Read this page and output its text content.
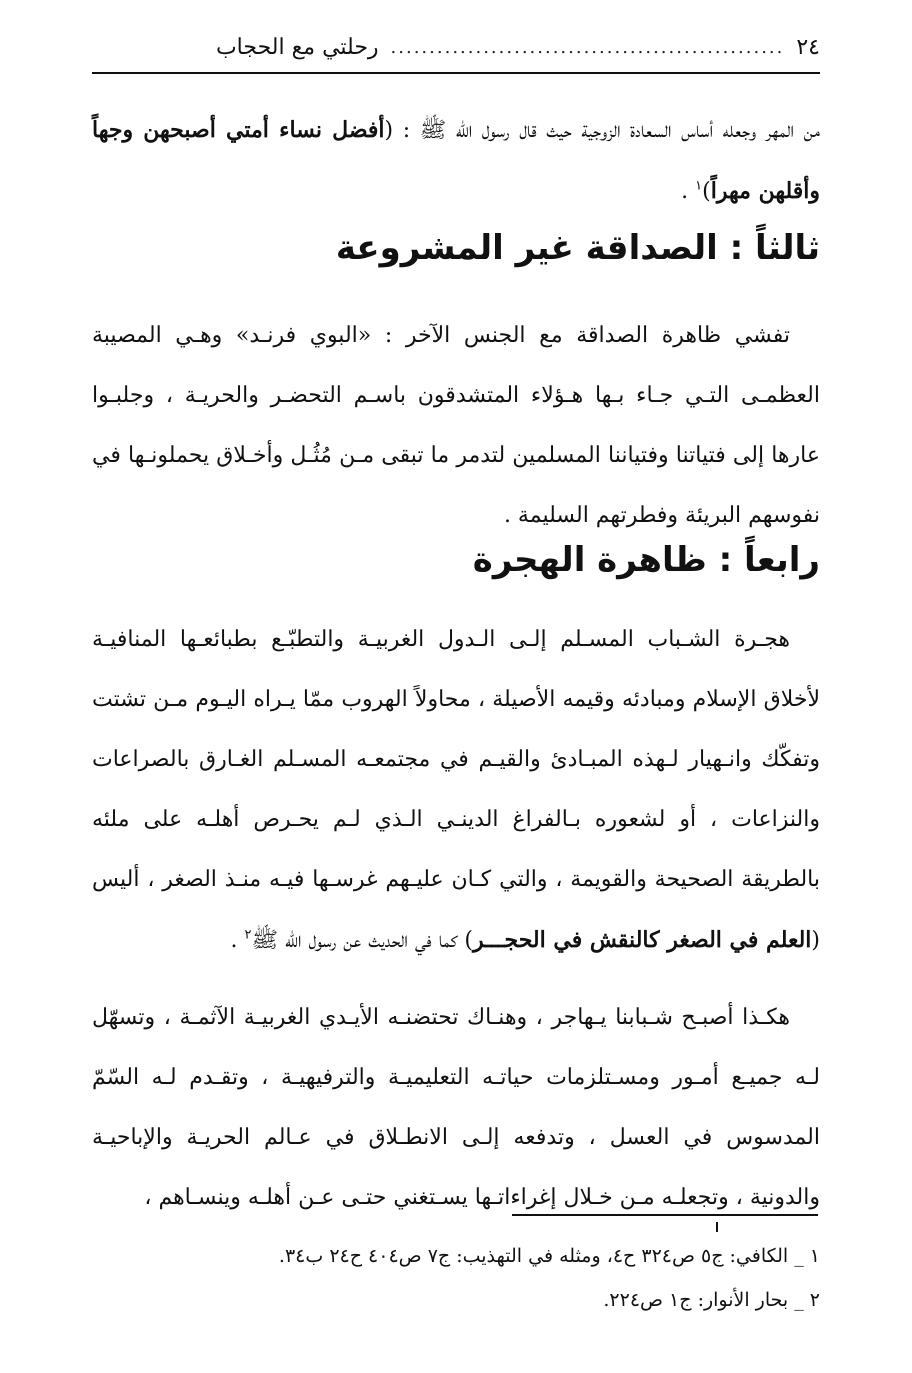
٢٤
...................................................
رحلتي مع الحجاب
من المهر وجعله أساس السعادة الزوجية حيث قال رسول الله ﷺ : (أفضل نساء أمتي أصبحهن وجهاً وأقلهن مهراً)$^١$ .
ثالثاً : الصداقة غير المشروعة
تفشي ظاهرة الصداقة مع الجنس الآخر : «البوي فرنـد» وهـي المصيبة العظمـى التـي جـاء بـها هـؤلاء المتشدقون باسـم التحضـر والحريـة ، وجلبـوا عارها إلى فتياتنا وفتياننا المسلمين لتدمر ما تبقى مـن مُثُـل وأخـلاق يحملونـها في نفوسهم البريئة وفطرتهم السليمة .
رابعاً : ظاهرة الهجرة
هجـرة الشـباب المسـلم إلـى الـدول الغربيـة والتطبّـع بطبائعـها المنافيـة لأخلاق الإسلام ومبادئه وقيمه الأصيلة ، محاولاً الهروب ممّا يـراه اليـوم مـن تشتت وتفكّك وانـهيار لـهذه المبـادئ والقيـم في مجتمعـه المسـلم الغـارق بالصراعات والنزاعات ، أو لشعوره بـالفراغ الدينـي الـذي لـم يحـرص أهلـه على ملئه بالطريقة الصحيحة والقويمة ، والتي كـان عليـهم غرسـها فيـه منـذ الصغر ، أليس (العلم في الصغر كالنقش في الحجـــر) كما في الحديث عن رسول الله ﷺ$^٢$ .
هكـذا أصبـح شـبابنا يـهاجر ، وهنـاك تحتضنـه الأيـدي الغربيـة الآثمـة ، وتسهّل لـه جميـع أمـور ومسـتلزمات حياتـه التعليميـة والترفيهيـة ، وتقـدم لـه السّمّ المدسوس في العسل ، وتدفعه إلـى الانطـلاق في عـالم الحريـة والإباحيـة والدونية ، وتجعلـه مـن خـلال إغراءاتـها يسـتغني حتـى عـن أهلـه وينسـاهم ،
١ _ الكافي: ج٥ ص٣٢٤ ح٤، ومثله في التهذيب: ج٧ ص٤٠٤ ح٢٤ ب٣٤.
٢ _ بحار الأنوار: ج١ ص٢٢٤.
